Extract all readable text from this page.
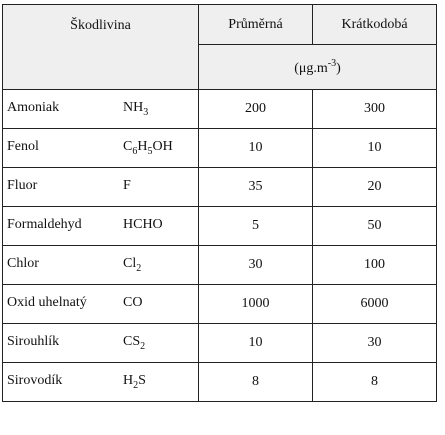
Škodlivina	Průměrná	Krátkodobá
	$(\mu g.m^{-3})$	

Amoniak $NH_3$	200	300

Fenol $C_6H_5OH$	10	10

Fluor F	35	20

Formaldehyd HCHO	5	50

Chlor $Cl_2$	30	100

Oxid uhelnatý CO	1000	6000

Sirouhlík $CS_2$	10	30

Sirovodík $H_2S$	8	8
